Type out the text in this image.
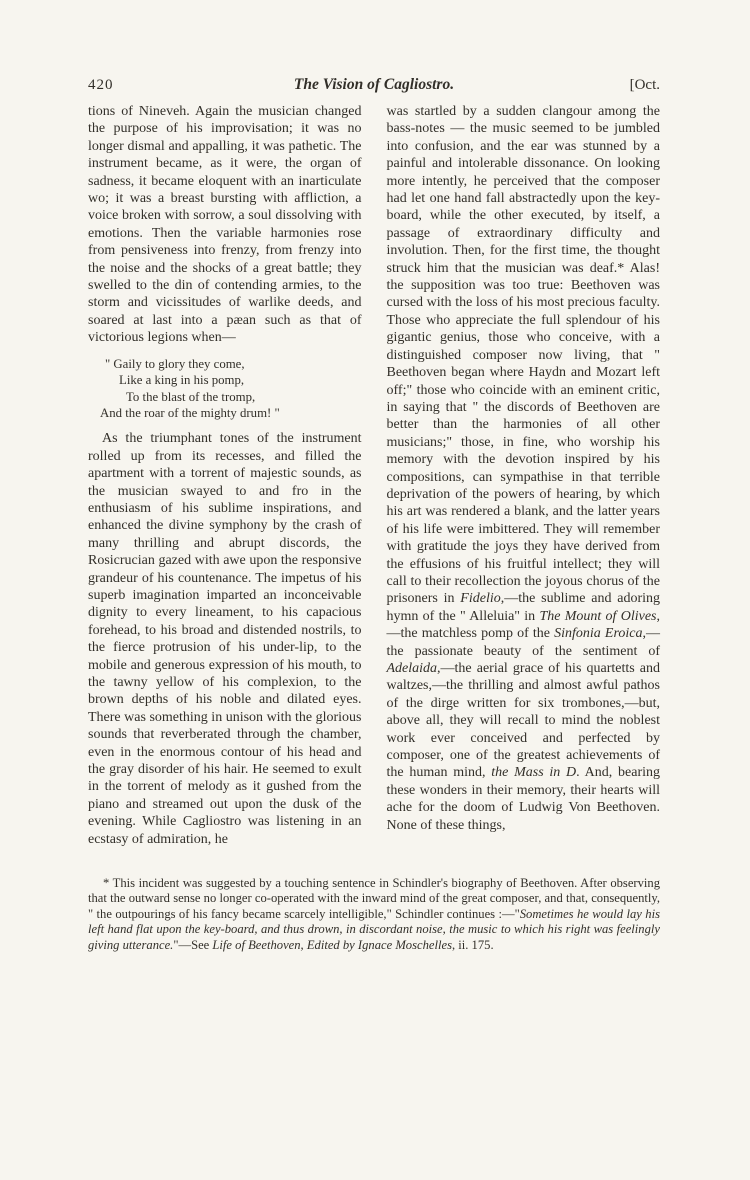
420	The Vision of Cagliostro.	[Oct.

tions of Nineveh. Again the musician changed the purpose of his improvisation; it was no longer dismal and appalling, it was pathetic. The instrument became, as it were, the organ of sadness, it became eloquent with an inarticulate wo; it was a breast bursting with affliction, a voice broken with sorrow, a soul dissolving with emotions. Then the variable harmonies rose from pensiveness into frenzy, from frenzy into the noise and the shocks of a great battle; they swelled to the din of contending armies, to the storm and vicissitudes of warlike deeds, and soared at last into a pæan such as that of victorious legions when—

" Gaily to glory they come,
Like a king in his pomp,
To the blast of the tromp,
And the roar of the mighty drum! "

As the triumphant tones of the instrument rolled up from its recesses, and filled the apartment with a torrent of majestic sounds, as the musician swayed to and fro in the enthusiasm of his sublime inspirations, and enhanced the divine symphony by the crash of many thrilling and abrupt discords, the Rosicrucian gazed with awe upon the responsive grandeur of his countenance. The impetus of his superb imagination imparted an inconceivable dignity to every lineament, to his capacious forehead, to his broad and distended nostrils, to the fierce protrusion of his under-lip, to the mobile and generous expression of his mouth, to the tawny yellow of his complexion, to the brown depths of his noble and dilated eyes. There was something in unison with the glorious sounds that reverberated through the chamber, even in the enormous contour of his head and the gray disorder of his hair. He seemed to exult in the torrent of melody as it gushed from the piano and streamed out upon the dusk of the evening. While Cagliostro was listening in an ecstasy of admiration, he

was startled by a sudden clangour among the bass-notes — the music seemed to be jumbled into confusion, and the ear was stunned by a painful and intolerable dissonance. On looking more intently, he perceived that the composer had let one hand fall abstractedly upon the key-board, while the other executed, by itself, a passage of extraordinary difficulty and involution. Then, for the first time, the thought struck him that the musician was deaf.* Alas! the supposition was too true: Beethoven was cursed with the loss of his most precious faculty. Those who appreciate the full splendour of his gigantic genius, those who conceive, with a distinguished composer now living, that " Beethoven began where Haydn and Mozart left off;" those who coincide with an eminent critic, in saying that " the discords of Beethoven are better than the harmonies of all other musicians;" those, in fine, who worship his memory with the devotion inspired by his compositions, can sympathise in that terrible deprivation of the powers of hearing, by which his art was rendered a blank, and the latter years of his life were imbittered. They will remember with gratitude the joys they have derived from the effusions of his fruitful intellect; they will call to their recollection the joyous chorus of the prisoners in Fidelio,—the sublime and adoring hymn of the " Alleluia" in The Mount of Olives,—the matchless pomp of the Sinfonia Eroica,— the passionate beauty of the sentiment of Adelaida,—the aerial grace of his quartetts and waltzes,—the thrilling and almost awful pathos of the dirge written for six trombones,—but, above all, they will recall to mind the noblest work ever conceived and perfected by composer, one of the greatest achievements of the human mind, the Mass in D. And, bearing these wonders in their memory, their hearts will ache for the doom of Ludwig Von Beethoven. None of these things,

* This incident was suggested by a touching sentence in Schindler's biography of Beethoven. After observing that the outward sense no longer co-operated with the inward mind of the great composer, and that, consequently, " the outpourings of his fancy became scarcely intelligible," Schindler continues :—"Sometimes he would lay his left hand flat upon the key-board, and thus drown, in discordant noise, the music to which his right was feelingly giving utterance."—See Life of Beethoven, Edited by Ignace Moschelles, ii. 175.
